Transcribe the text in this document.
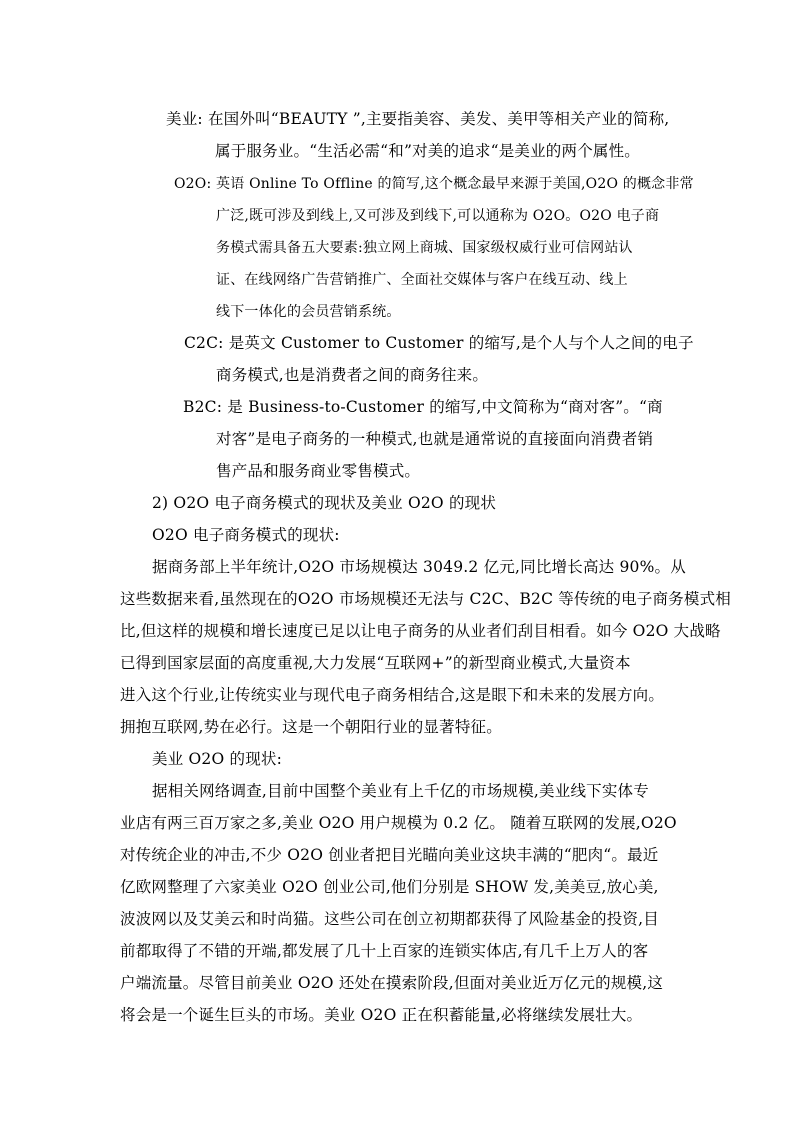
美业: 在国外叫“BEAUTY ”,主要指美容、美发、美甲等相关产业的简称,
属于服务业。“生活必需“和”对美的追求“是美业的两个属性。
O2O: 英语 Online To Offline 的简写,这个概念最早来源于美国,O2O 的概念非常
广泛,既可涉及到线上,又可涉及到线下,可以通称为 O2O。O2O 电子商
务模式需具备五大要素:独立网上商城、国家级权威行业可信网站认
证、在线网络广告营销推广、全面社交媒体与客户在线互动、线上
线下一体化的会员营销系统。
C2C: 是英文 Customer to Customer 的缩写,是个人与个人之间的电子
商务模式,也是消费者之间的商务往来。
B2C: 是 Business-to-Customer 的缩写,中文简称为“商对客”。“商
对客”是电子商务的一种模式,也就是通常说的直接面向消费者销
售产品和服务商业零售模式。
2) O2O 电子商务模式的现状及美业 O2O 的现状
O2O 电子商务模式的现状:
据商务部上半年统计,O2O 市场规模达 3049.2 亿元,同比增长高达 90%。从
这些数据来看,虽然现在的O2O 市场规模还无法与 C2C、B2C 等传统的电子商务模式相
比,但这样的规模和增长速度已足以让电子商务的从业者们刮目相看。如今 O2O 大战略
已得到国家层面的高度重视,大力发展“互联网+”的新型商业模式,大量资本
进入这个行业,让传统实业与现代电子商务相结合,这是眼下和未来的发展方向。
拥抱互联网,势在必行。这是一个朝阳行业的显著特征。
美业 O2O 的现状:
据相关网络调查,目前中国整个美业有上千亿的市场规模,美业线下实体专
业店有两三百万家之多,美业 O2O 用户规模为 0.2 亿。 随着互联网的发展,O2O
对传统企业的冲击,不少 O2O 创业者把目光瞄向美业这块丰满的“肥肉“。最近
亿欧网整理了六家美业 O2O 创业公司,他们分别是 SHOW 发,美美豆,放心美,
波波网以及艾美云和时尚猫。这些公司在创立初期都获得了风险基金的投资,目
前都取得了不错的开端,都发展了几十上百家的连锁实体店,有几千上万人的客
户端流量。尽管目前美业 O2O 还处在摸索阶段,但面对美业近万亿元的规模,这
将会是一个诞生巨头的市场。美业 O2O 正在积蓄能量,必将继续发展壮大。
